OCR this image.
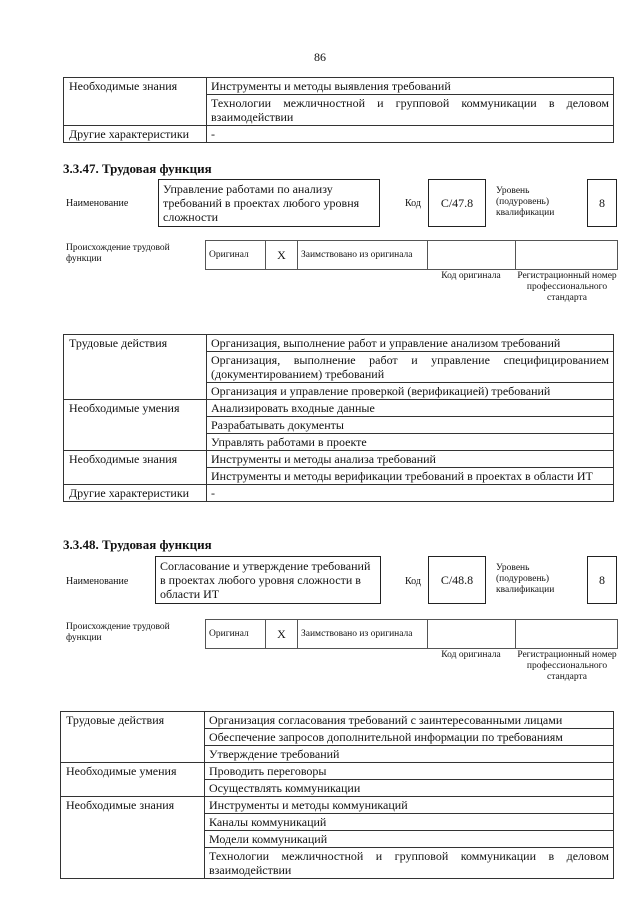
86
Необходимые знания	Инструменты и методы выявления требований
	Технологии межличностной и групповой коммуникации в деловом взаимодействии
Другие характеристики	-
3.3.47. Трудовая функция
Наименование
Управление работами по анализу требований в проектах любого уровня сложности
Код	С/47.8
Уровень (подуровень) квалификации
8
Происхождение трудовой функции	Оригинал	X	Заимствовано из оригинала		
Код оригинала	Регистрационный номер профессионального стандарта
Трудовые действия	Организация, выполнение работ и управление анализом требований
	Организация, выполнение работ и управление специфицированием (документированием) требований
	Организация и управление проверкой (верификацией) требований
Необходимые умения	Анализировать входные данные
	Разрабатывать документы
	Управлять работами в проекте
Необходимые знания	Инструменты и методы анализа требований
	Инструменты и методы верификации требований в проектах в области ИТ
Другие характеристики	-
3.3.48. Трудовая функция
Наименование
Согласование и утверждение требований в проектах любого уровня сложности в области ИТ
Код	С/48.8
Уровень (подуровень) квалификации
8
Происхождение трудовой функции	Оригинал	X	Заимствовано из оригинала		
Код оригинала	Регистрационный номер профессионального стандарта
Трудовые действия	Организация согласования требований с заинтересованными лицами
	Обеспечение запросов дополнительной информации по требованиям
	Утверждение требований
Необходимые умения	Проводить переговоры
	Осуществлять коммуникации
Необходимые знания	Инструменты и методы коммуникаций
	Каналы коммуникаций
	Модели коммуникаций
	Технологии межличностной и групповой коммуникации в деловом взаимодействии
